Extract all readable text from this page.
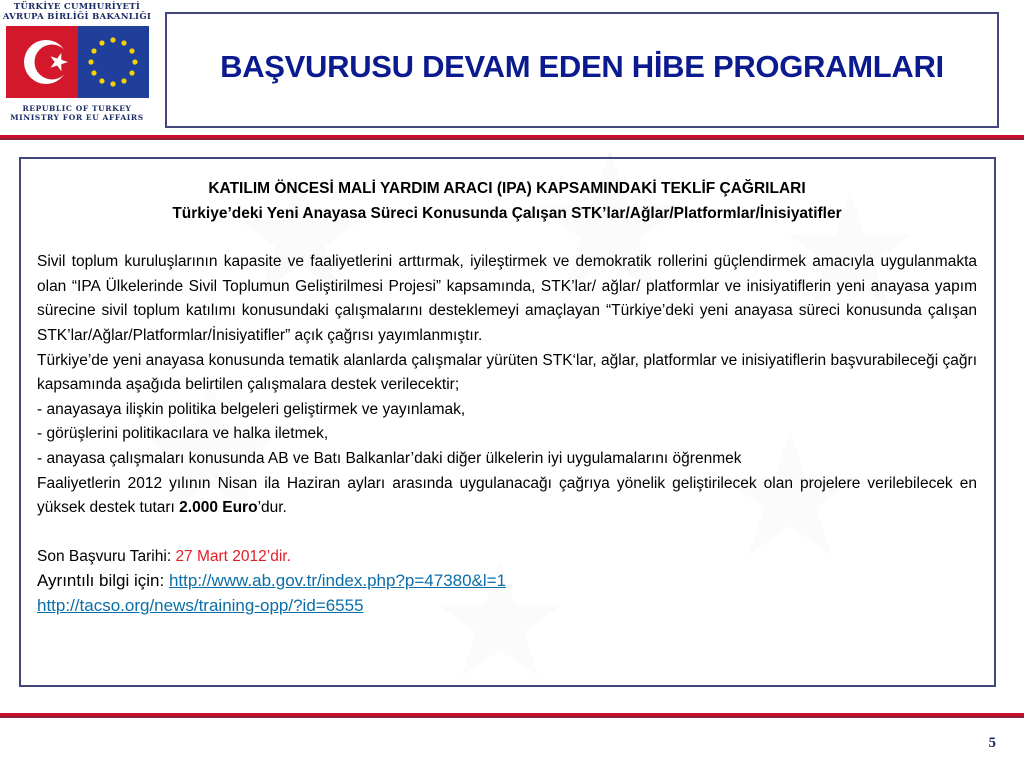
TÜRKİYE CUMHURİYETİ
AVRUPA BİRLİĞİ BAKANLIĞI
REPUBLIC OF TURKEY
MINISTRY FOR EU AFFAIRS
BAŞVURUSU DEVAM EDEN HİBE PROGRAMLARI

KATILIM ÖNCESİ MALİ YARDIM ARACI (IPA) KAPSAMINDAKİ TEKLİF ÇAĞRILARI

Türkiye’deki Yeni Anayasa Süreci Konusunda Çalışan STK’lar/Ağlar/Platformlar/İnisiyatifler

Sivil toplum kuruluşlarının kapasite ve faaliyetlerini arttırmak, iyileştirmek ve demokratik rollerini güçlendirmek amacıyla uygulanmakta olan “IPA Ülkelerinde Sivil Toplumun Geliştirilmesi Projesi” kapsamında, STK’lar/ ağlar/ platformlar ve inisiyatiflerin yeni anayasa yapım sürecine sivil toplum katılımı konusundaki çalışmalarını desteklemeyi amaçlayan “Türkiye’deki yeni anayasa süreci konusunda çalışan STK’lar/Ağlar/Platformlar/İnisiyatifler” açık çağrısı yayımlanmıştır.

Türkiye’de yeni anayasa konusunda tematik alanlarda çalışmalar yürüten STK‘lar, ağlar, platformlar ve inisiyatiflerin başvurabileceği çağrı kapsamında aşağıda belirtilen çalışmalara destek verilecektir;

- anayasaya ilişkin politika belgeleri geliştirmek ve yayınlamak,

- görüşlerini politikacılara ve halka iletmek,

- anayasa çalışmaları konusunda AB ve Batı Balkanlar’daki diğer ülkelerin iyi uygulamalarını öğrenmek

Faaliyetlerin 2012 yılının Nisan ila Haziran ayları arasında uygulanacağı çağrıya yönelik geliştirilecek olan projelere verilebilecek en yüksek destek tutarı 2.000 Euro’dur.

Son Başvuru Tarihi: 27 Mart 2012’dir.

Ayrıntılı bilgi için: http://www.ab.gov.tr/index.php?p=47380&l=1

http://tacso.org/news/training-opp/?id=6555

5
